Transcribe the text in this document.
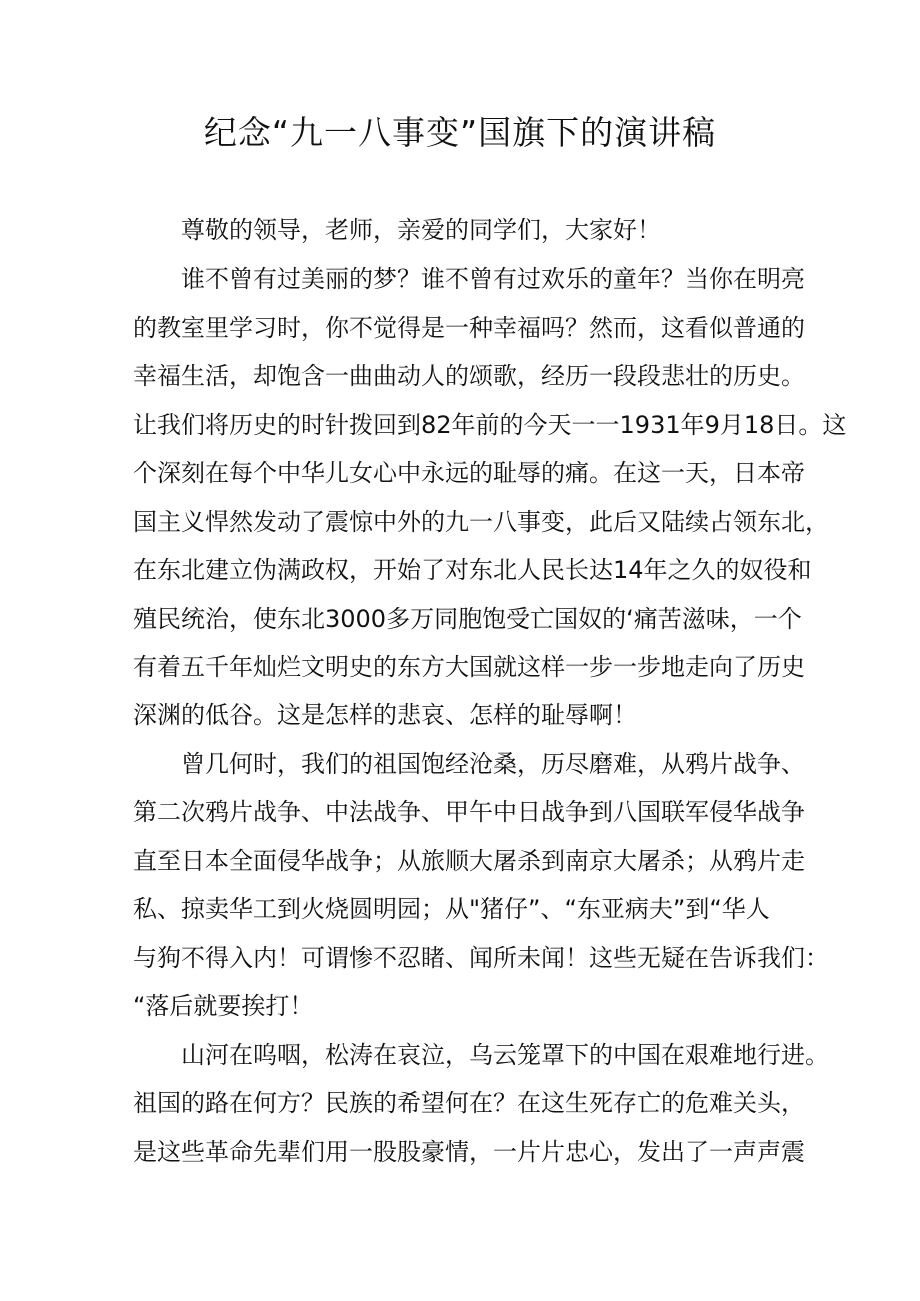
纪念“九一八事变”国旗下的演讲稿

尊敬的领导，老师，亲爱的同学们，大家好！

谁不曾有过美丽的梦？谁不曾有过欢乐的童年？当你在明亮

的教室里学习时，你不觉得是一种幸福吗？然而，这看似普通的

幸福生活，却饱含一曲曲动人的颂歌，经历一段段悲壮的历史。

让我们将历史的时针拨回到82年前的今天一一1931年9月18日。这

个深刻在每个中华儿女心中永远的耻辱的痛。在这一天，日本帝

国主义悍然发动了震惊中外的九一八事变，此后又陆续占领东北，

在东北建立伪满政权，开始了对东北人民长达14年之久的奴役和

殖民统治，使东北3000多万同胞饱受亡国奴的‘痛苦滋味，一个

有着五千年灿烂文明史的东方大国就这样一步一步地走向了历史

深渊的低谷。这是怎样的悲哀、怎样的耻辱啊！

曾几何时，我们的祖国饱经沧桑，历尽磨难，从鸦片战争、

第二次鸦片战争、中法战争、甲午中日战争到八国联军侵华战争

直至日本全面侵华战争；从旅顺大屠杀到南京大屠杀；从鸦片走

私、掠卖华工到火烧圆明园；从"猪仔”、“东亚病夫”到“华人

与狗不得入内！可谓惨不忍睹、闻所未闻！这些无疑在告诉我们：

“落后就要挨打！

山河在呜咽，松涛在哀泣，乌云笼罩下的中国在艰难地行进。

祖国的路在何方？民族的希望何在？在这生死存亡的危难关头，

是这些革命先辈们用一股股豪情，一片片忠心，发出了一声声震
